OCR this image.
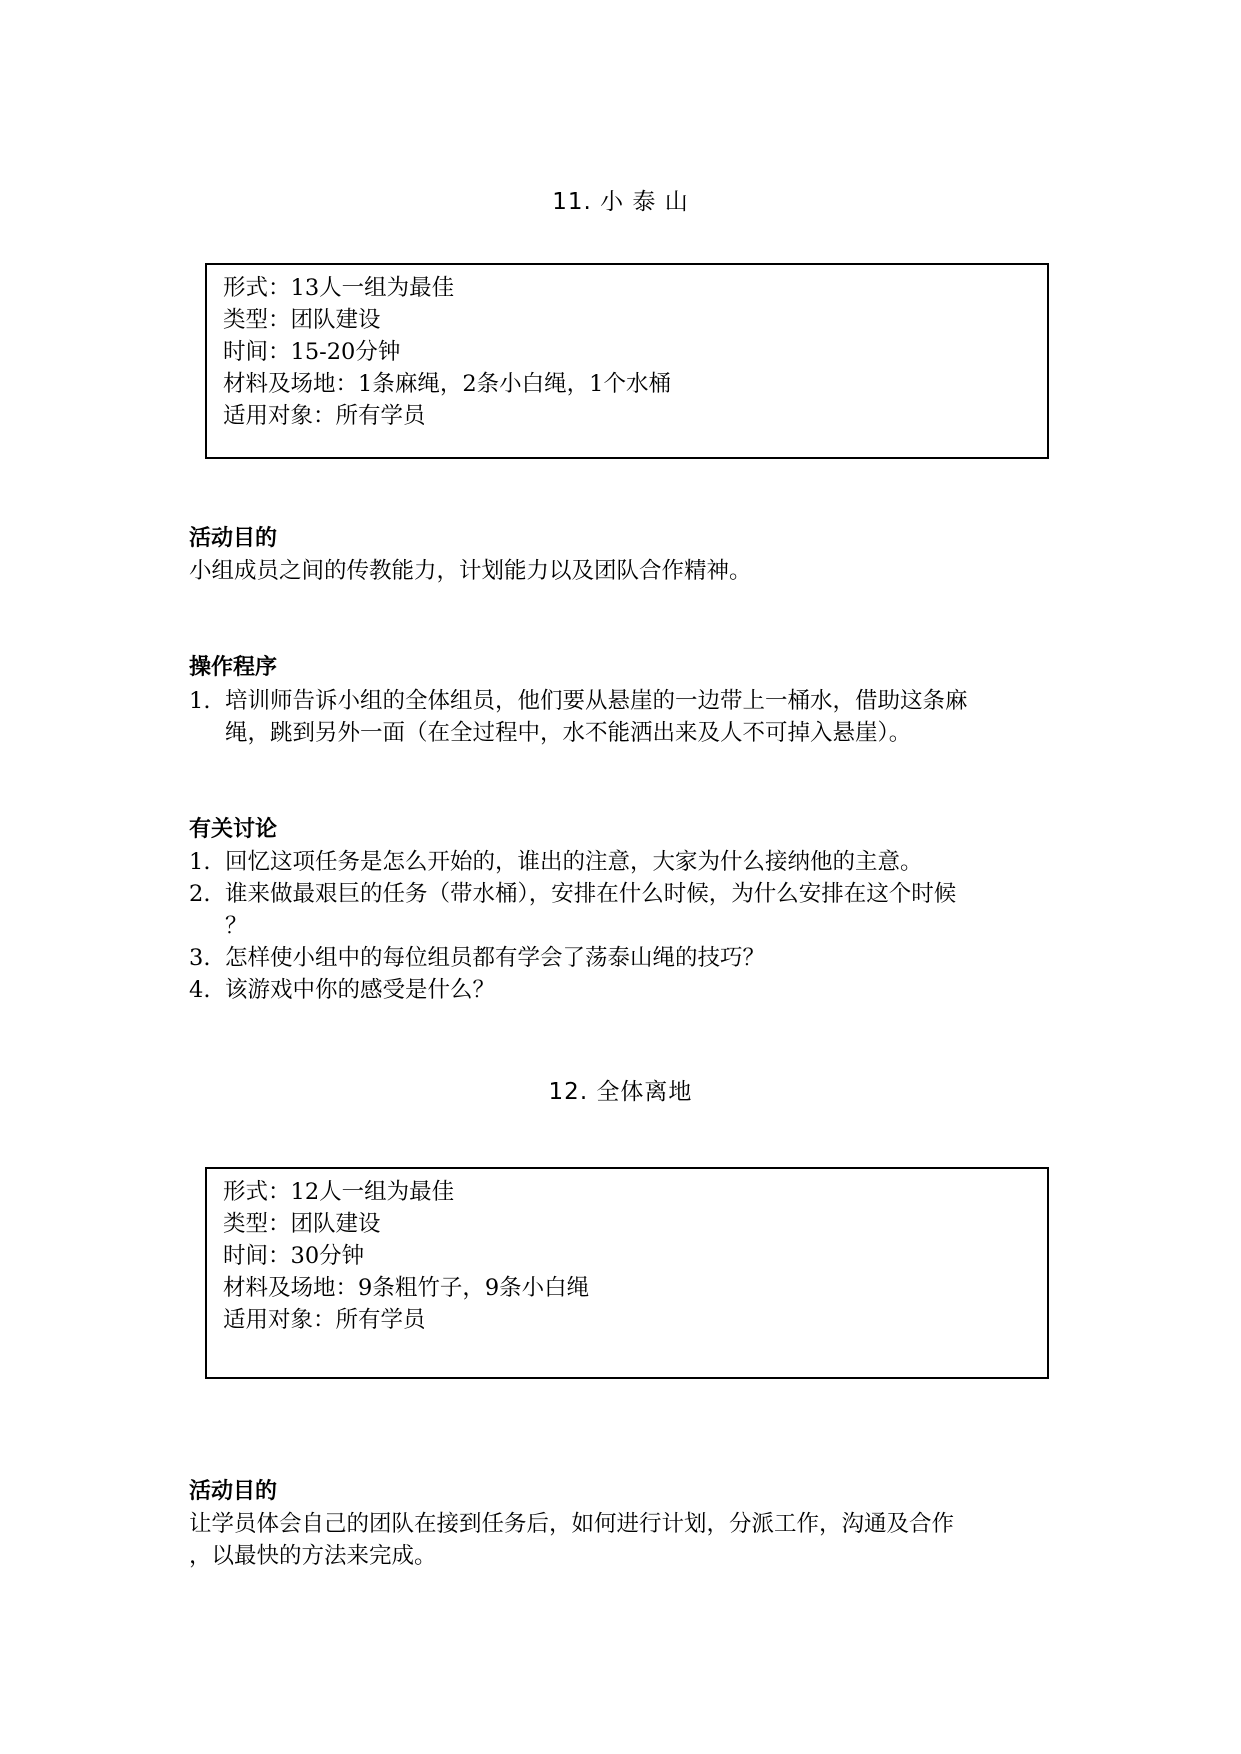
11. 小 泰 山
形式：13人一组为最佳
类型：团队建设
时间：15-20分钟
材料及场地：1条麻绳，2条小白绳，1个水桶
适用对象：所有学员
活动目的
小组成员之间的传教能力，计划能力以及团队合作精神。
操作程序
1. 培训师告诉小组的全体组员，他们要从悬崖的一边带上一桶水，借助这条麻
绳，跳到另外一面（在全过程中，水不能洒出来及人不可掉入悬崖）。
有关讨论
1. 回忆这项任务是怎么开始的，谁出的注意，大家为什么接纳他的主意。
2. 谁来做最艰巨的任务（带水桶），安排在什么时候，为什么安排在这个时候
？
3. 怎样使小组中的每位组员都有学会了荡泰山绳的技巧？
4. 该游戏中你的感受是什么？
12. 全体离地
形式：12人一组为最佳
类型：团队建设
时间：30分钟
材料及场地：9条粗竹子，9条小白绳
适用对象：所有学员
活动目的
让学员体会自己的团队在接到任务后，如何进行计划，分派工作，沟通及合作
，以最快的方法来完成。
